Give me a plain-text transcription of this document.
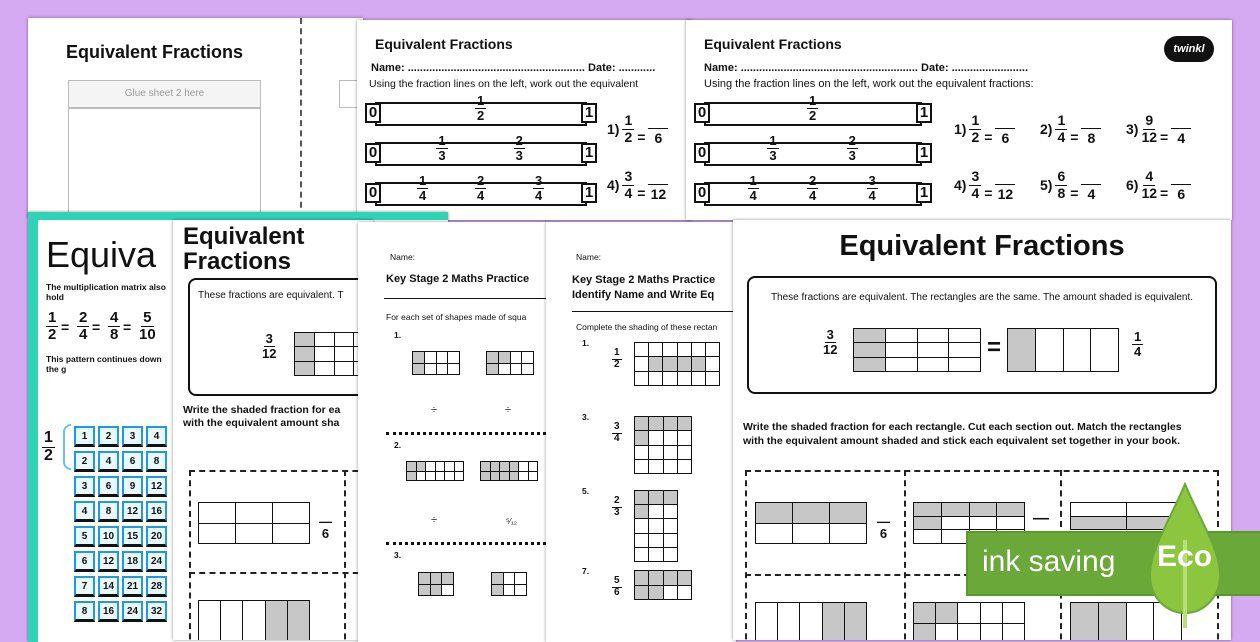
Equivalent Fractions
Glue sheet 2 here
Equivalent Fractions
Name: .......................................................... Date: ............
Using the fraction lines on the left, work out the equivalent
0	1
$\frac{1}{2}$
0	1
$\frac{1}{3}$	$\frac{2}{3}$
0	1
$\frac{1}{4}$	$\frac{2}{4}$	$\frac{3}{4}$
$1) \frac{1}{2} = 6$
$4) \frac{3}{4} = 12$
Equivalent Fractions	twinkl
Name: .......................................................... Date: .........................
Using the fraction lines on the left, work out the equivalent fractions:
0	1
$\frac{1}{2}$
0	1
$\frac{1}{3}$	$\frac{2}{3}$
0	1
$\frac{1}{4}$	$\frac{2}{4}$	$\frac{3}{4}$
$1) \frac{1}{2} = 6$
$2) \frac{1}{4} = 8$
$3) \frac{9}{12} = 4$
$4) \frac{3}{4} = 12$
$5) \frac{6}{8} = 4$
$6) \frac{4}{12} = 6$
Equiva
The multiplication matrix also hold
$\frac{1}{2} = \frac{2}{4} = \frac{4}{8} = \frac{5}{10}$
This pattern continues down the g
$\frac{1}{2}$	1	2	3	4
2	4	6	8
3	6	9	12
4	8	12	16
5	10	15	20
6	12	18	24
7	14	21	28
8	16	24	32
Equivalent Fractions
These fractions are equivalent. T
$\frac{3}{12}$
Write the shaded fraction for ea
with the equivalent amount sha
—
6
Name:
Key Stage 2 Maths Practice
For each set of shapes made of squa
1.
÷	÷
2.
÷	⁵⁄₁₂
3.
Name:
Key Stage 2 Maths Practice
Identify Name and Write Eq
Complete the shading of these rectan
1.
$\frac{1}{2}$
3.
$\frac{3}{4}$
5.
$\frac{2}{3}$
7.
$\frac{5}{6}$
Equivalent Fractions
These fractions are equivalent. The rectangles are the same. The amount shaded is equivalent.
$\frac{3}{12}$	=	$\frac{1}{4}$
Write the shaded fraction for each rectangle. Cut each section out. Match the rectangles
with the equivalent amount shaded and stick each equivalent set together in your book.
—
6
—
ink saving Eco
